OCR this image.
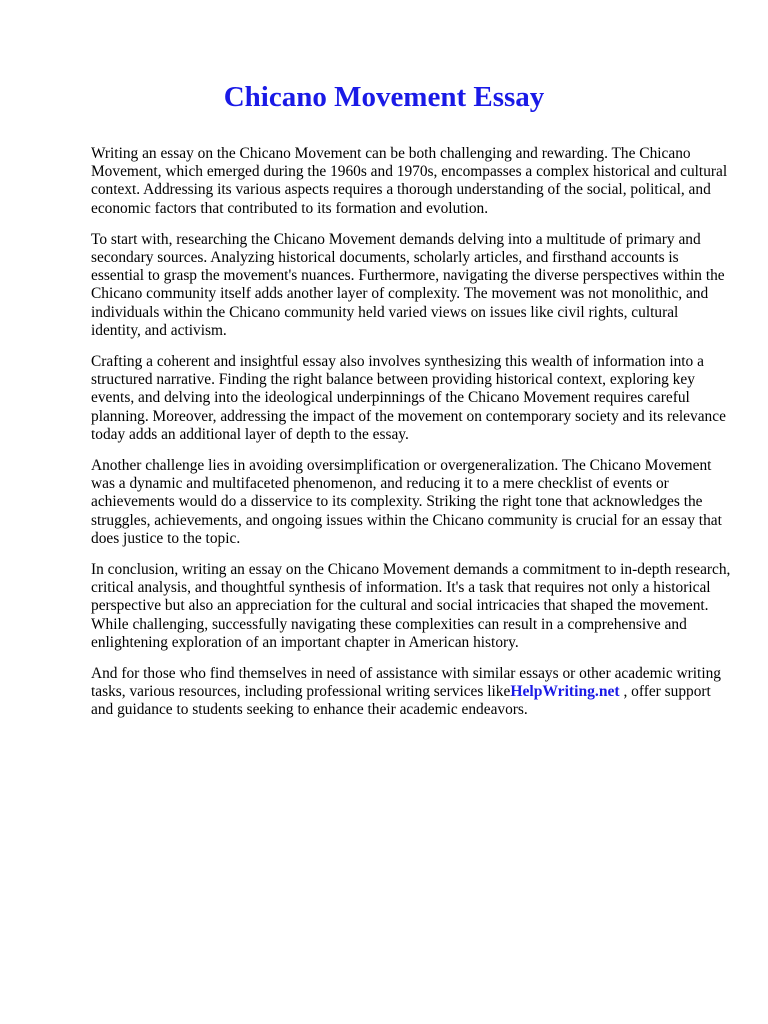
Chicano Movement Essay

Writing an essay on the Chicano Movement can be both challenging and rewarding. The Chicano Movement, which emerged during the 1960s and 1970s, encompasses a complex historical and cultural context. Addressing its various aspects requires a thorough understanding of the social, political, and economic factors that contributed to its formation and evolution.

To start with, researching the Chicano Movement demands delving into a multitude of primary and secondary sources. Analyzing historical documents, scholarly articles, and firsthand accounts is essential to grasp the movement's nuances. Furthermore, navigating the diverse perspectives within the Chicano community itself adds another layer of complexity. The movement was not monolithic, and individuals within the Chicano community held varied views on issues like civil rights, cultural identity, and activism.

Crafting a coherent and insightful essay also involves synthesizing this wealth of information into a structured narrative. Finding the right balance between providing historical context, exploring key events, and delving into the ideological underpinnings of the Chicano Movement requires careful planning. Moreover, addressing the impact of the movement on contemporary society and its relevance today adds an additional layer of depth to the essay.

Another challenge lies in avoiding oversimplification or overgeneralization. The Chicano Movement was a dynamic and multifaceted phenomenon, and reducing it to a mere checklist of events or achievements would do a disservice to its complexity. Striking the right tone that acknowledges the struggles, achievements, and ongoing issues within the Chicano community is crucial for an essay that does justice to the topic.

In conclusion, writing an essay on the Chicano Movement demands a commitment to in-depth research, critical analysis, and thoughtful synthesis of information. It's a task that requires not only a historical perspective but also an appreciation for the cultural and social intricacies that shaped the movement. While challenging, successfully navigating these complexities can result in a comprehensive and enlightening exploration of an important chapter in American history.

And for those who find themselves in need of assistance with similar essays or other academic writing tasks, various resources, including professional writing services likeHelpWriting.net , offer support and guidance to students seeking to enhance their academic endeavors.
